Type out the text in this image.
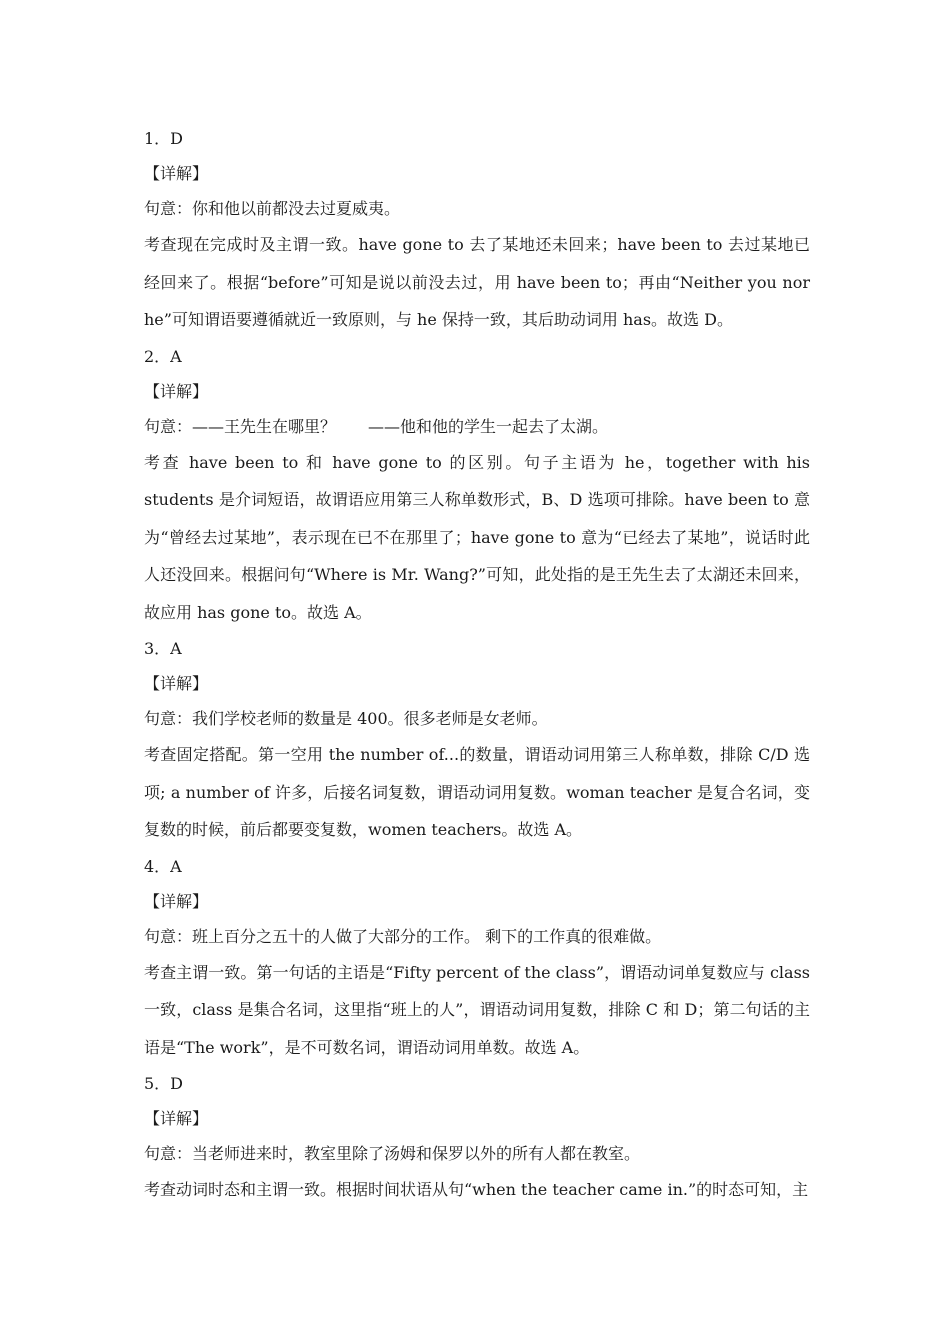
1．D
【详解】
句意：你和他以前都没去过夏威夷。
考查现在完成时及主谓一致。have gone to 去了某地还未回来；have been to 去过某地已经回来了。根据“before”可知是说以前没去过，用 have been to；再由“Neither you nor he”可知谓语要遵循就近一致原则，与 he 保持一致，其后助动词用 has。故选 D。
2．A
【详解】
句意：——王先生在哪里？　　——他和他的学生一起去了太湖。
考查 have been to 和 have gone to 的区别。句子主语为 he，together with his students 是介词短语，故谓语应用第三人称单数形式，B、D 选项可排除。have been to 意为“曾经去过某地”，表示现在已不在那里了；have gone to 意为“已经去了某地”，说话时此人还没回来。根据问句“Where is Mr. Wang?”可知，此处指的是王先生去了太湖还未回来，故应用 has gone to。故选 A。
3．A
【详解】
句意：我们学校老师的数量是 400。很多老师是女老师。
考查固定搭配。第一空用 the number of...的数量，谓语动词用第三人称单数，排除 C/D 选项; a number of 许多，后接名词复数，谓语动词用复数。woman teacher 是复合名词，变复数的时候，前后都要变复数，women teachers。故选 A。
4．A
【详解】
句意：班上百分之五十的人做了大部分的工作。 剩下的工作真的很难做。
考查主谓一致。第一句话的主语是“Fifty percent of the class”，谓语动词单复数应与 class 一致，class 是集合名词，这里指“班上的人”，谓语动词用复数，排除 C 和 D；第二句话的主语是“The work”，是不可数名词，谓语动词用单数。故选 A。
5．D
【详解】
句意：当老师进来时，教室里除了汤姆和保罗以外的所有人都在教室。
考查动词时态和主谓一致。根据时间状语从句“when the teacher came in.”的时态可知，主
